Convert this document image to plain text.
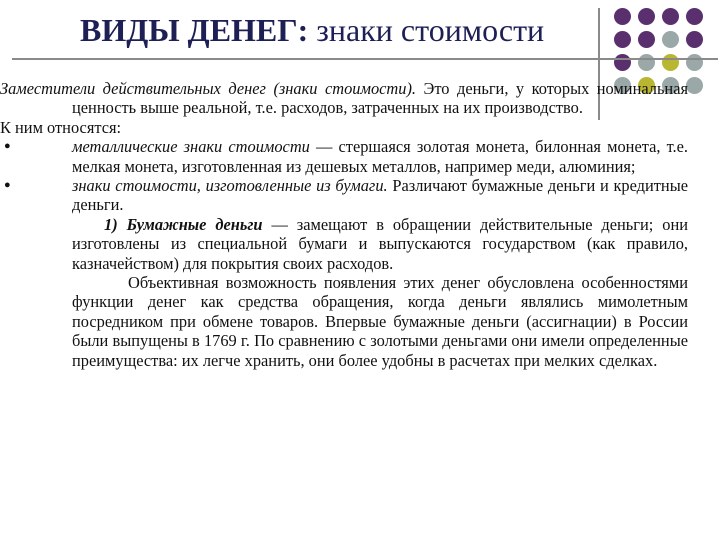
ВИДЫ ДЕНЕГ: знаки стоимости
Заместители действительных денег (знаки стоимости). Это деньги, у которых номинальная ценность выше реальной, т.е. расходов, затраченных на их производство.
К ним относятся:
●	металлические знаки стоимости — стершаяся золотая монета, билонная монета, т.е. мелкая монета, изготовленная из дешевых металлов, например меди, алюминия;
●	знаки стоимости, изготовленные из бумаги. Различают бумажные деньги и кредитные деньги.
1) Бумажные деньги — замещают в обращении действительные деньги; они изготовлены из специальной бумаги и выпускаются государством (как правило, казначейством) для покрытия своих расходов.
Объективная возможность появления этих денег обусловлена особенностями функции денег как средства обращения, когда деньги являлись мимолетным посредником при обмене товаров. Впервые бумажные деньги (ассигнации) в России были выпущены в 1769 г. По сравнению с золотыми деньгами они имели определенные преимущества: их легче хранить, они более удобны в расчетах при мелких сделках.
